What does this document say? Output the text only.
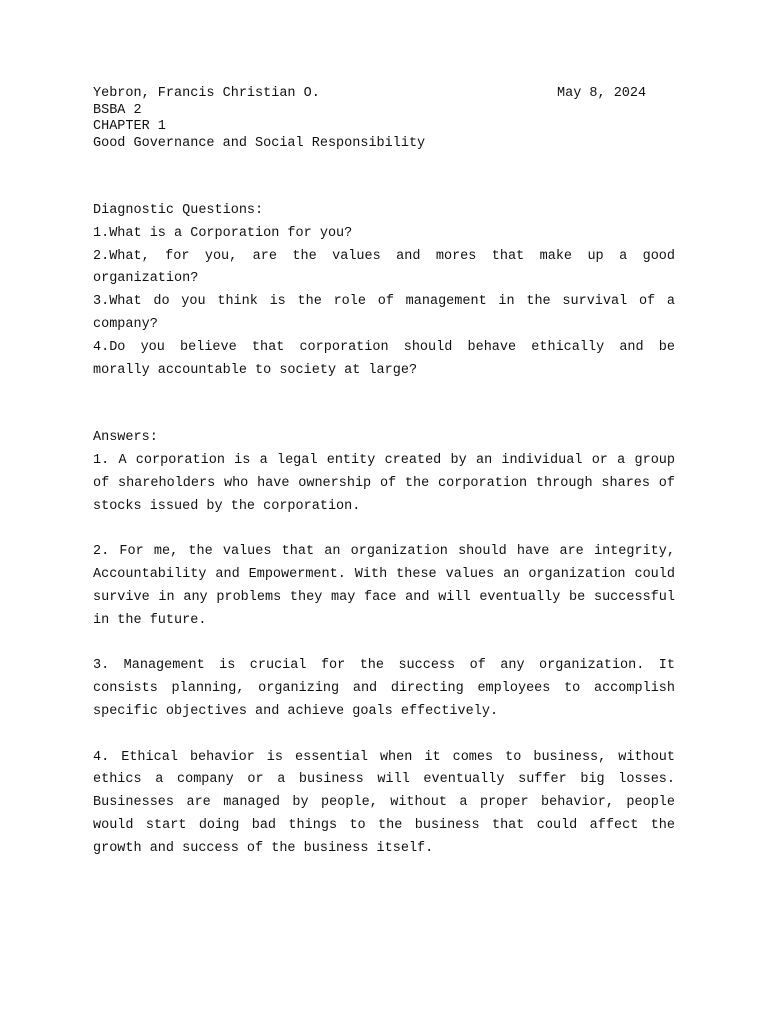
Yebron, Francis Christian O.	May 8, 2024
BSBA 2
CHAPTER 1
Good Governance and Social Responsibility
Diagnostic Questions:
1.What is a Corporation for you?
2.What, for you, are the values and mores that make up a good organization?
3.What do you think is the role of management in the survival of a company?
4.Do you believe that corporation should behave ethically and be morally accountable to society at large?
Answers:
1. A corporation is a legal entity created by an individual or a group of shareholders who have ownership of the corporation through shares of stocks issued by the corporation.
2. For me, the values that an organization should have are integrity, Accountability and Empowerment. With these values an organization could survive in any problems they may face and will eventually be successful in the future.
3. Management is crucial for the success of any organization. It consists planning, organizing and directing employees to accomplish specific objectives and achieve goals effectively.
4. Ethical behavior is essential when it comes to business, without ethics a company or a business will eventually suffer big losses. Businesses are managed by people, without a proper behavior, people would start doing bad things to the business that could affect the growth and success of the business itself.
